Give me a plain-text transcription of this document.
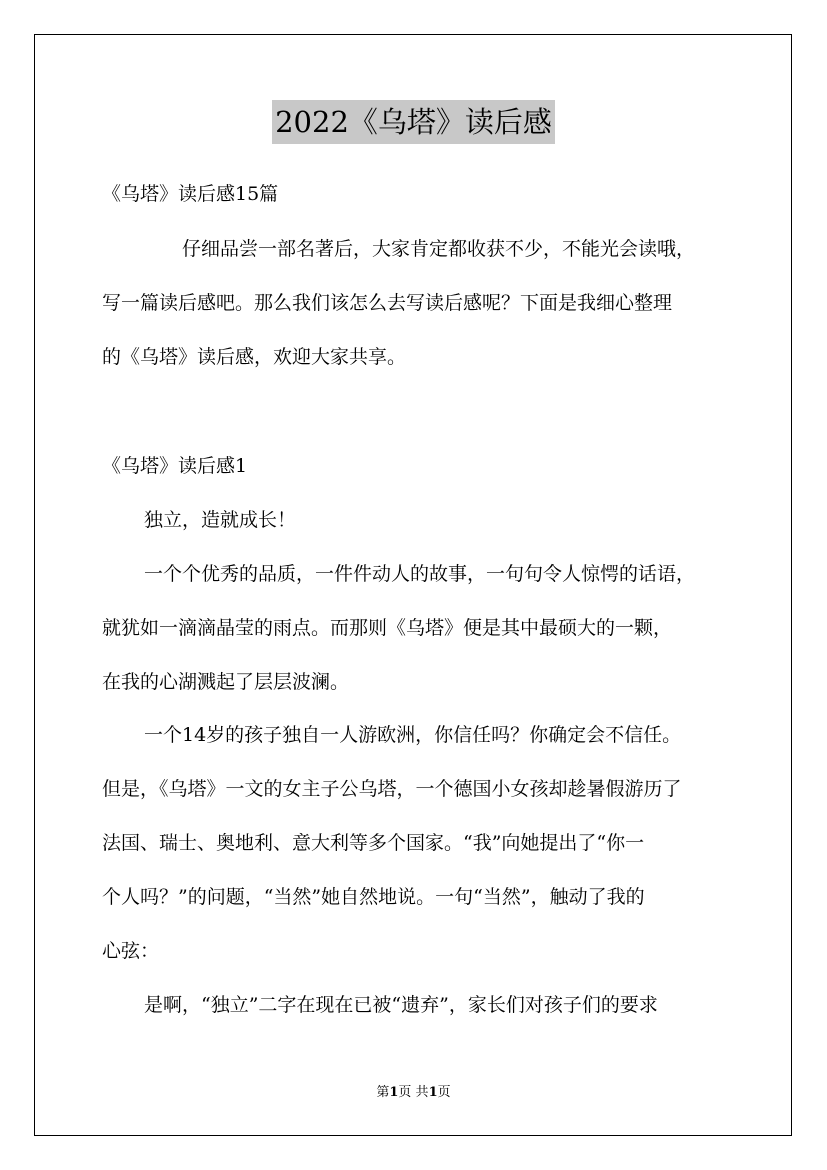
2022《乌塔》读后感
《乌塔》读后感15篇
仔细品尝一部名著后，大家肯定都收获不少，不能光会读哦，
写一篇读后感吧。那么我们该怎么去写读后感呢？下面是我细心整理
的《乌塔》读后感，欢迎大家共享。
《乌塔》读后感1
独立，造就成长！
一个个优秀的品质，一件件动人的故事，一句句令人惊愕的话语，
就犹如一滴滴晶莹的雨点。而那则《乌塔》便是其中最硕大的一颗，
在我的心湖溅起了层层波澜。
一个14岁的孩子独自一人游欧洲，你信任吗？你确定会不信任。
但是，《乌塔》一文的女主子公乌塔，一个德国小女孩却趁暑假游历了
法国、瑞士、奥地利、意大利等多个国家。“我”向她提出了“你一
个人吗？”的问题，“当然”她自然地说。一句“当然”，触动了我的
心弦：
是啊，“独立”二字在现在已被“遗弃”，家长们对孩子们的要求
第1页 共1页
